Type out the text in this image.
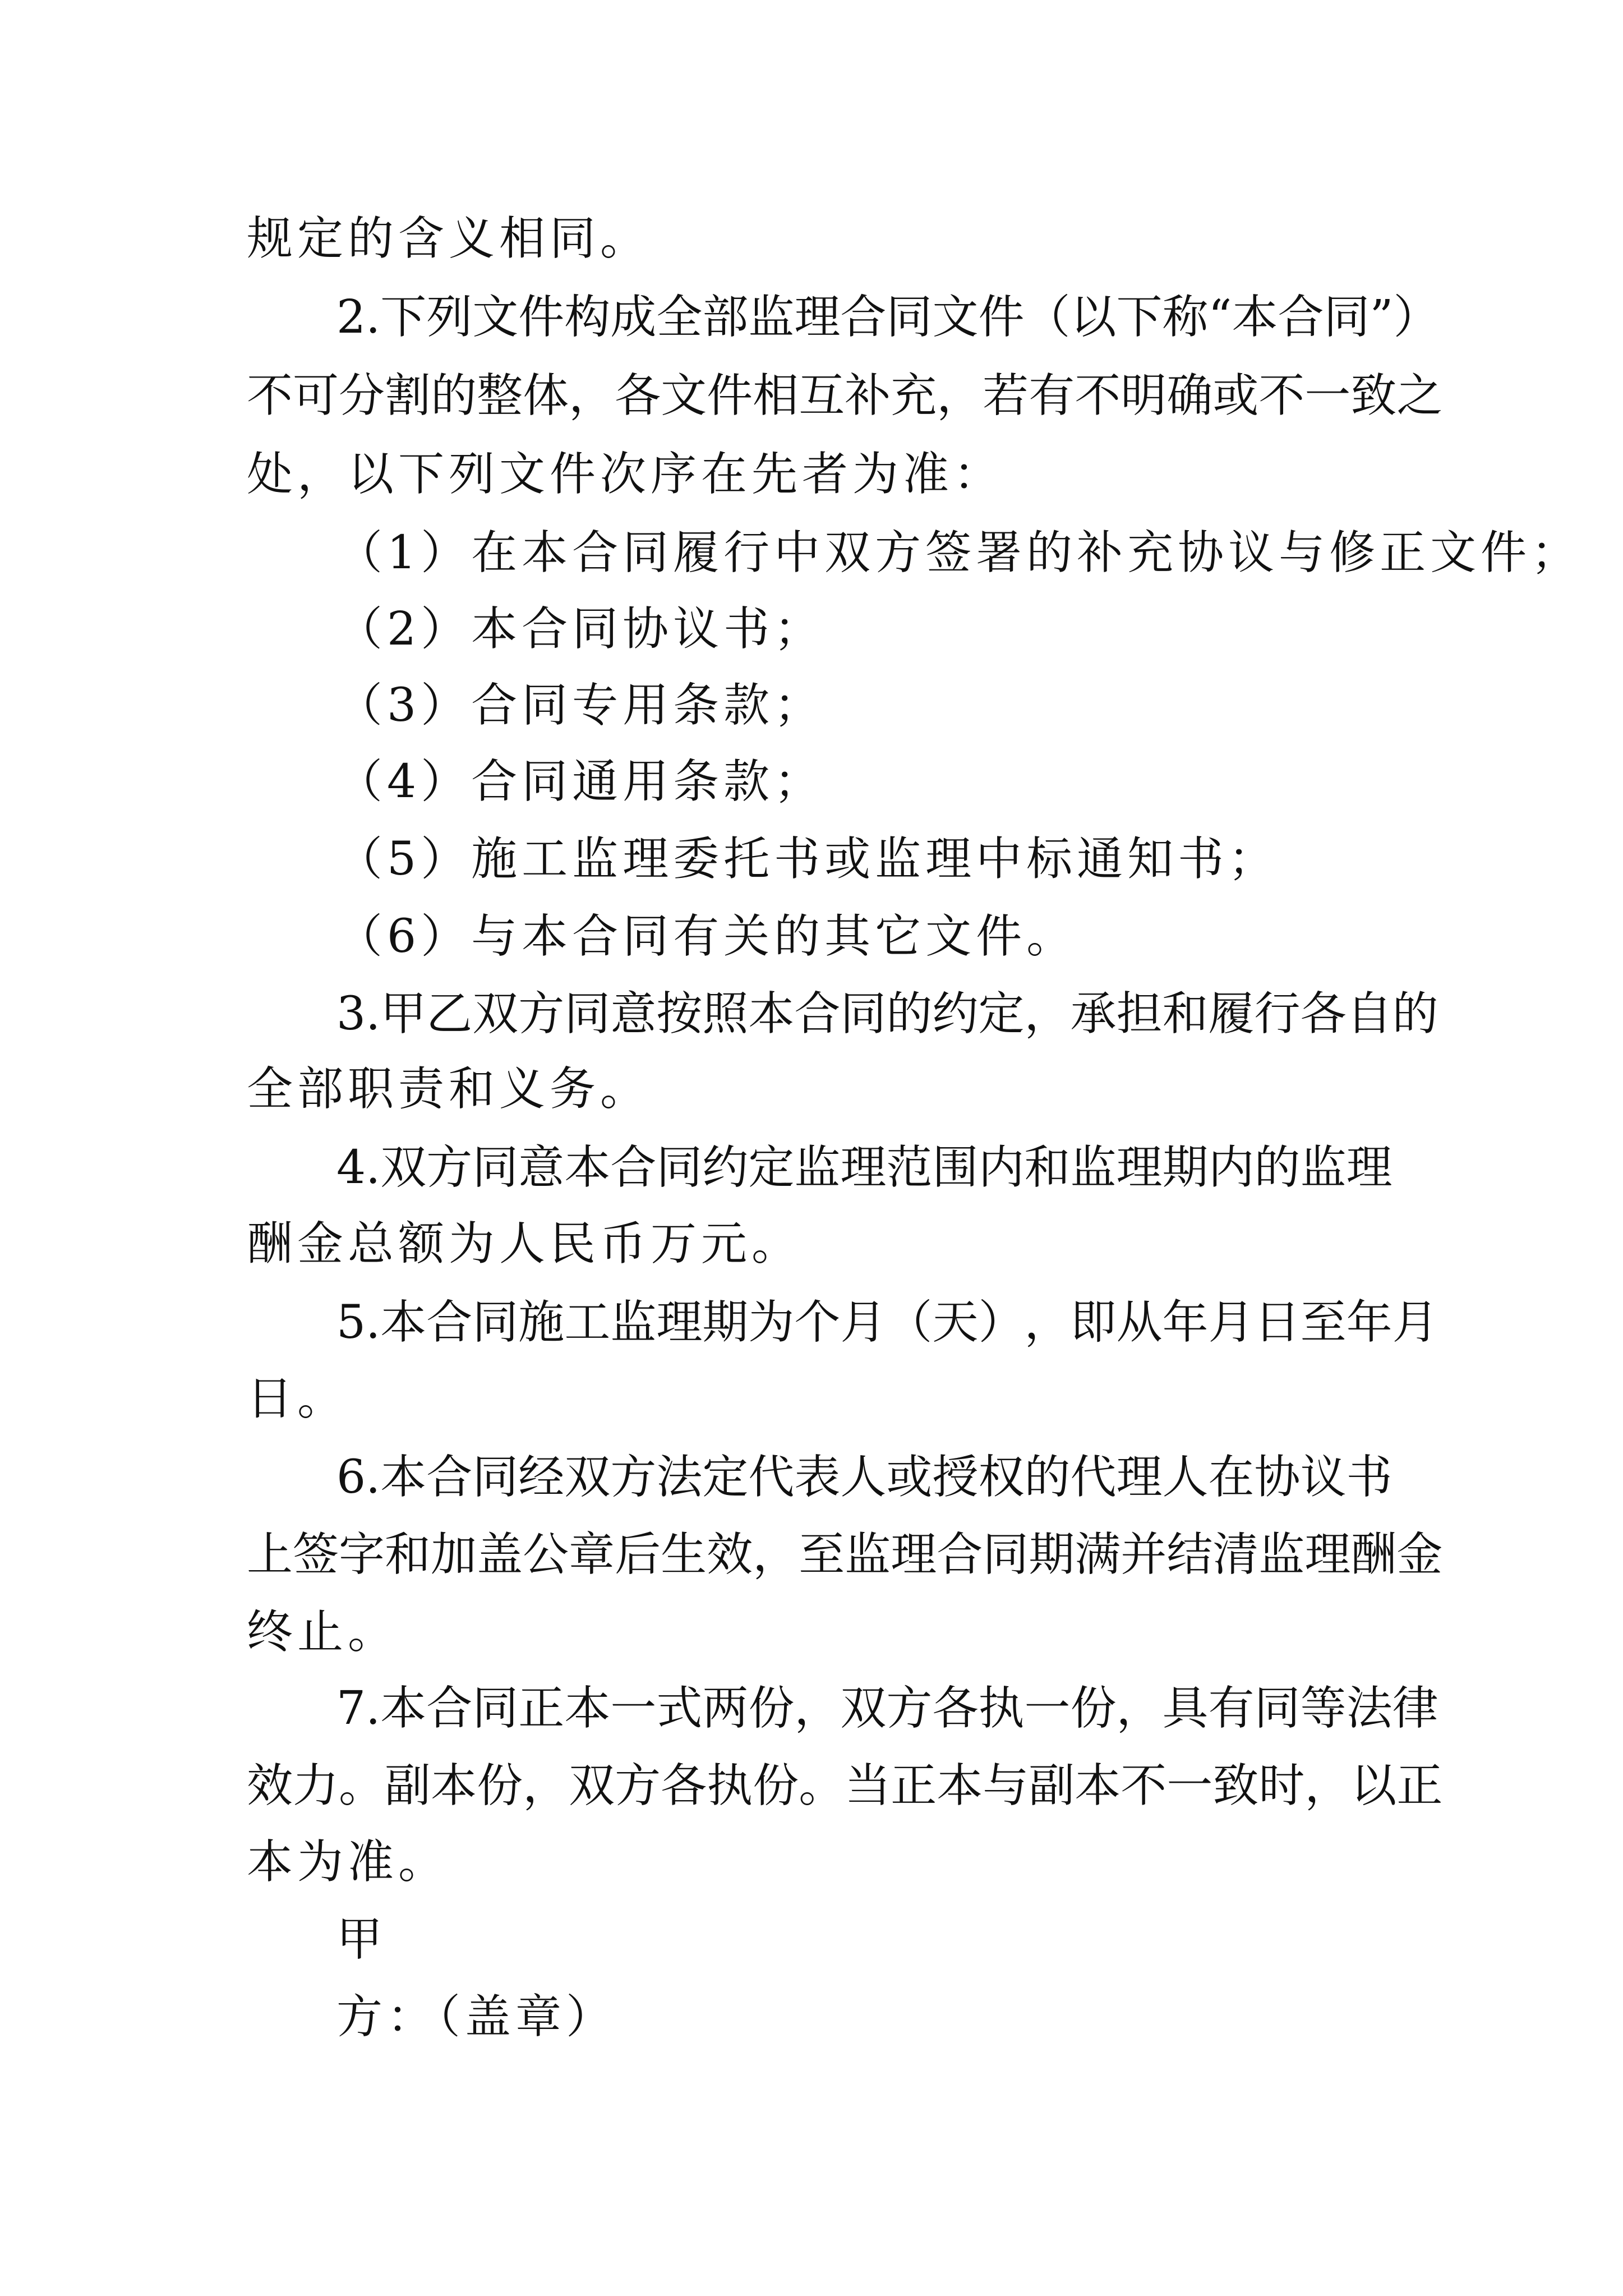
规定的含义相同。
2 . 下 列 文 件 构 成 全 部 监 理 合 同 文 件 （ 以 下 称 “ 本 合 同 ” ）
不 可 分 割 的 整 体 ， 各 文 件 相 互 补 充 ， 若 有 不 明 确 或 不 一 致 之
处，以下列文件次序在先者为准：
（1）在本合同履行中双方签署的补充协议与修正文件；
（2）本合同协议书；
（3）合同专用条款；
（4）合同通用条款；
（5）施工监理委托书或监理中标通知书；
（6）与本合同有关的其它文件。
3 . 甲 乙 双 方 同 意 按 照 本 合 同 的 约 定 ， 承 担 和 履 行 各 自 的
全部职责和义务。
4 . 双 方 同 意 本 合 同 约 定 监 理 范 围 内 和 监 理 期 内 的 监 理
酬金总额为人民币万元。
5 . 本 合 同 施 工 监 理 期 为 个 月 （ 天 ） ， 即 从 年 月 日 至 年 月
日。
6 . 本 合 同 经 双 方 法 定 代 表 人 或 授 权 的 代 理 人 在 协 议 书
上 签 字 和 加 盖 公 章 后 生 效 ， 至 监 理 合 同 期 满 并 结 清 监 理 酬 金
终止。
7 . 本 合 同 正 本 一 式 两 份 ， 双 方 各 执 一 份 ， 具 有 同 等 法 律
效 力 。 副 本 份 ， 双 方 各 执 份 。 当 正 本 与 副 本 不 一 致 时 ， 以 正
本为准。
甲
方：（盖章）
